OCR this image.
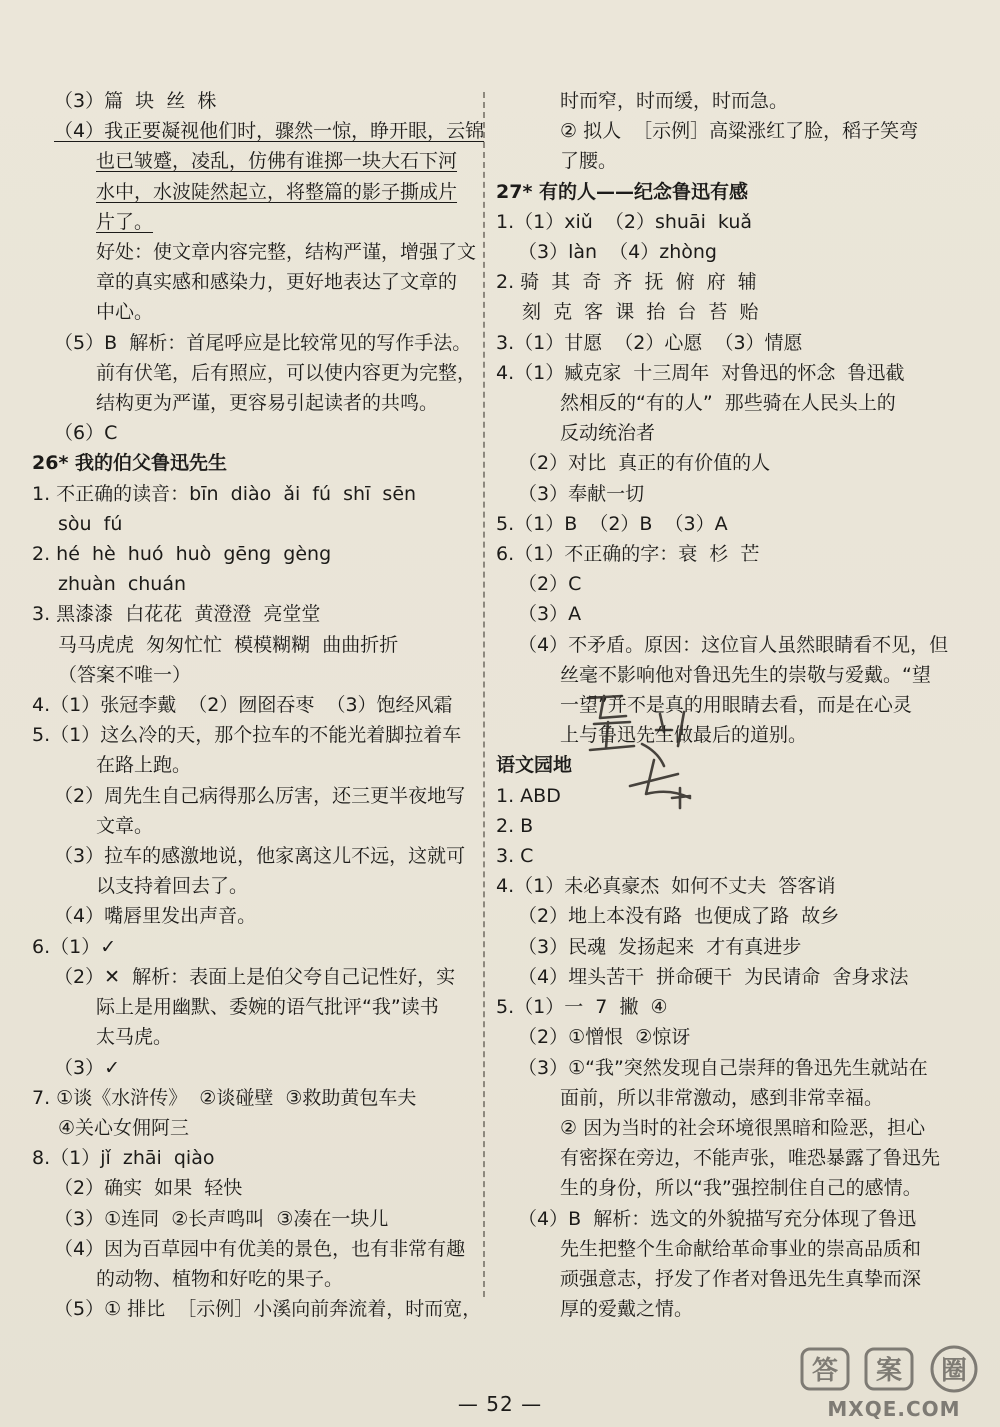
（3）篇  块  丝  株
（4）我正要凝视他们时，骤然一惊，睁开眼，云锦
也已皱蹙，凌乱，仿佛有谁掷一块大石下河
水中，水波陡然起立，将整篇的影子撕成片
片了。
好处：使文章内容完整，结构严谨，增强了文
章的真实感和感染力，更好地表达了文章的
中心。
（5）B  解析：首尾呼应是比较常见的写作手法。
前有伏笔，后有照应，可以使内容更为完整，
结构更为严谨，更容易引起读者的共鸣。
（6）C
26* 我的伯父鲁迅先生
1. 不正确的读音：bīn  diào  ǎi  fú  shī  sēn
sòu  fú
2. hé  hè  huó  huò  gēng  gèng
zhuàn  chuán
3. 黑漆漆  白花花  黄澄澄  亮堂堂
马马虎虎  匆匆忙忙  模模糊糊  曲曲折折
（答案不唯一）
4.（1）张冠李戴  （2）囫囵吞枣  （3）饱经风霜
5.（1）这么冷的天，那个拉车的不能光着脚拉着车
在路上跑。
（2）周先生自己病得那么厉害，还三更半夜地写
文章。
（3）拉车的感激地说，他家离这儿不远，这就可
以支持着回去了。
（4）嘴唇里发出声音。
6.（1）✓
（2）✕  解析：表面上是伯父夸自己记性好，实
际上是用幽默、委婉的语气批评“我”读书
太马虎。
（3）✓
7. ①谈《水浒传》  ②谈碰壁  ③救助黄包车夫
④关心女佣阿三
8.（1）jǐ  zhāi  qiào
（2）确实  如果  轻快
（3）①连同  ②长声鸣叫  ③凑在一块儿
（4）因为百草园中有优美的景色，也有非常有趣
的动物、植物和好吃的果子。
（5）① 排比  ［示例］小溪向前奔流着，时而宽，
时而窄，时而缓，时而急。
② 拟人  ［示例］高粱涨红了脸，稻子笑弯
了腰。
27* 有的人——纪念鲁迅有感
1.（1）xiǔ  （2）shuāi  kuǎ
（3）làn  （4）zhòng
2. 骑  其  奇  齐  抚  俯  府  辅
刻  克  客  课  抬  台  苔  贻
3.（1）甘愿  （2）心愿  （3）情愿
4.（1）臧克家  十三周年  对鲁迅的怀念  鲁迅截
然相反的“有的人”  那些骑在人民头上的
反动统治者
（2）对比  真正的有价值的人
（3）奉献一切
5.（1）B  （2）B  （3）A
6.（1）不正确的字：衰  杉  芒
（2）C
（3）A
（4）不矛盾。原因：这位盲人虽然眼睛看不见，但
丝毫不影响他对鲁迅先生的崇敬与爱戴。“望
一望”并不是真的用眼睛去看，而是在心灵
上与鲁迅先生做最后的道别。
语文园地
1. ABD
2. B
3. C
4.（1）未必真豪杰  如何不丈夫  答客诮
（2）地上本没有路  也便成了路  故乡
（3）民魂  发扬起来  才有真进步
（4）埋头苦干  拼命硬干  为民请命  舍身求法
5.（1）一  7  撇  ④
（2）①憎恨  ②惊讶
（3）①“我”突然发现自己崇拜的鲁迅先生就站在
面前，所以非常激动，感到非常幸福。
② 因为当时的社会环境很黑暗和险恶，担心
有密探在旁边，不能声张，唯恐暴露了鲁迅先
生的身份，所以“我”强控制住自己的感情。
（4）B  解析：选文的外貌描写充分体现了鲁迅
先生把整个生命献给革命事业的崇高品质和
顽强意志，抒发了作者对鲁迅先生真挚而深
厚的爱戴之情。
— 52 —
答 案 圈
MXQE.COM
